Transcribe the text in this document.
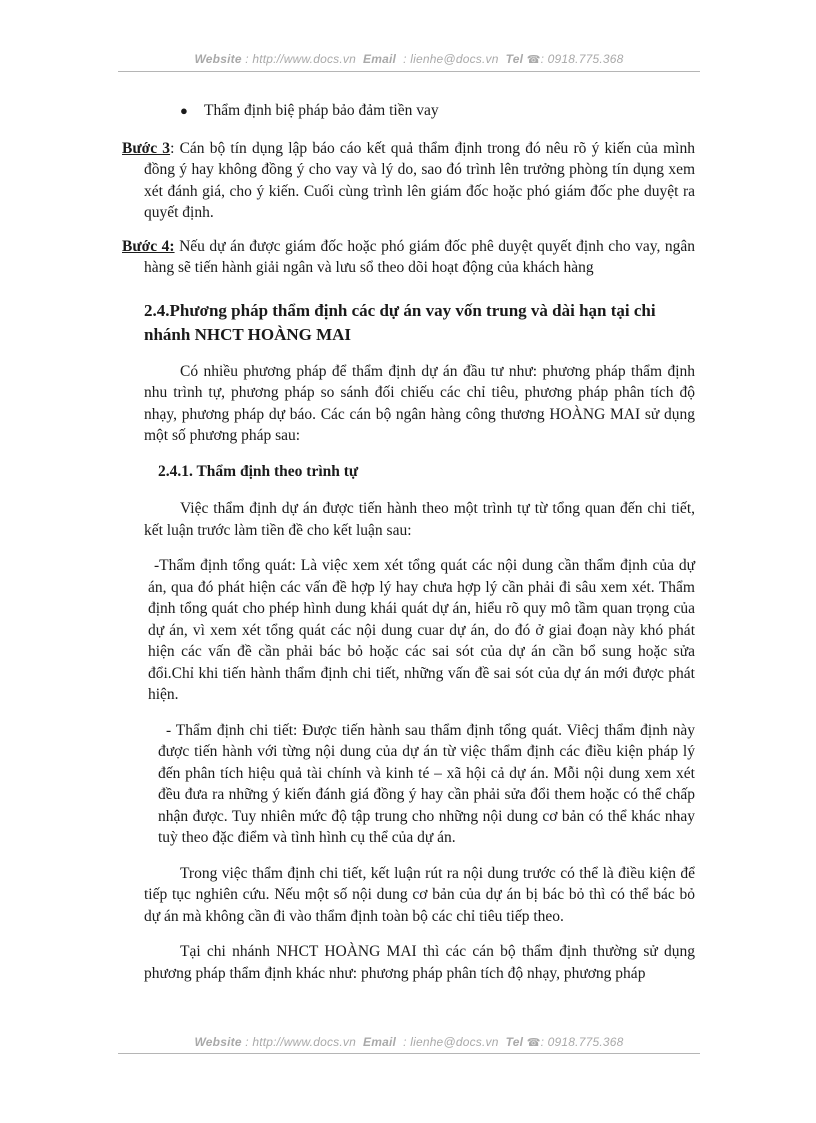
Website : http://www.docs.vn Email : lienhe@docs.vn Tel ☎: 0918.775.368
● Thẩm định biệ pháp bảo đảm tiền vay

Bước 3: Cán bộ tín dụng lập báo cáo kết quả thẩm định trong đó nêu rõ ý kiến của mình đồng ý hay không đồng ý cho vay và lý do, sao đó trình lên trưởng phòng tín dụng xem xét đánh giá, cho ý kiến. Cuối cùng trình lên giám đốc hoặc phó giám đốc phe duyệt ra quyết định.

Bước 4: Nếu dự án được giám đốc hoặc phó giám đốc phê duyệt quyết định cho vay, ngân hàng sẽ tiến hành giải ngân và lưu sổ theo dõi hoạt động của khách hàng

2.4.Phương pháp thẩm định các dự án vay vốn trung và dài hạn tại chi nhánh NHCT HOÀNG MAI

Có nhiều phương pháp để thẩm định dự án đầu tư như: phương pháp thẩm định nhu trình tự, phương pháp so sánh đối chiếu các chỉ tiêu, phương pháp phân tích độ nhạy, phương pháp dự báo. Các cán bộ ngân hàng công thương HOÀNG MAI sử dụng một số phương pháp sau:

2.4.1. Thẩm định theo trình tự

Việc thẩm định dự án được tiến hành theo một trình tự từ tổng quan đến chi tiết, kết luận trước làm tiền đề cho kết luận sau:

-Thẩm định tổng quát: Là việc xem xét tổng quát các nội dung cần thẩm định của dự án, qua đó phát hiện các vấn đề hợp lý hay chưa hợp lý cần phải đi sâu xem xét. Thẩm định tổng quát cho phép hình dung khái quát dự án, hiểu rõ quy mô tầm quan trọng của dự án, vì xem xét tổng quát các nội dung cuar dự án, do đó ở giai đoạn này khó phát hiện các vấn đề cần phải bác bỏ hoặc các sai sót của dự án cần bổ sung hoặc sửa đổi.Chỉ khi tiến hành thẩm định chi tiết, những vấn đề sai sót của dự án mới được phát hiện.

- Thẩm định chi tiết: Được tiến hành sau thẩm định tổng quát. Viêcj thẩm định này được tiến hành với từng nội dung của dự án từ việc thẩm định các điều kiện pháp lý đến phân tích hiệu quả tài chính và kinh té – xã hội cả dự án. Mỗi nội dung xem xét đều đưa ra những ý kiến đánh giá đồng ý hay cần phải sửa đổi them hoặc có thể chấp nhận được. Tuy nhiên mức độ tập trung cho những nội dung cơ bản có thể khác nhay tuỳ theo đặc điểm và tình hình cụ thể của dự án.

Trong việc thẩm định chi tiết, kết luận rút ra nội dung trước có thể là điều kiện để tiếp tục nghiên cứu. Nếu một số nội dung cơ bản của dự án bị bác bỏ thì có thể bác bỏ dự án mà không cần đi vào thẩm định toàn bộ các chỉ tiêu tiếp theo.

Tại chi nhánh NHCT HOÀNG MAI thì các cán bộ thẩm định thường sử dụng phương pháp thẩm định khác như: phương pháp phân tích độ nhạy, phương pháp

Website : http://www.docs.vn Email : lienhe@docs.vn Tel ☎: 0918.775.368
